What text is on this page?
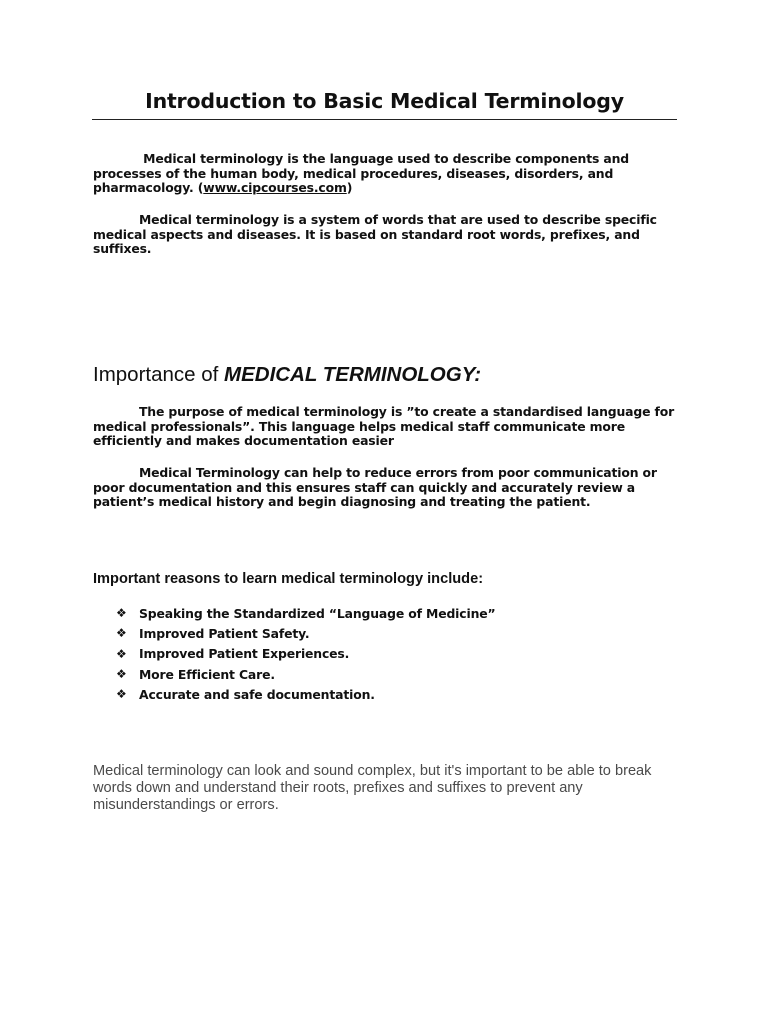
Introduction to Basic Medical Terminology

Medical terminology is the language used to describe components and processes of the human body, medical procedures, diseases, disorders, and pharmacology. (www.cipcourses.com)

Medical terminology is a system of words that are used to describe specific medical aspects and diseases. It is based on standard root words, prefixes, and suffixes.

Importance of MEDICAL TERMINOLOGY:

The purpose of medical terminology is ”to create a standardised language for medical professionals”. This language helps medical staff communicate more efficiently and makes documentation easier

Medical Terminology can help to reduce errors from poor communication or poor documentation and this ensures staff can quickly and accurately review a patient’s medical history and begin diagnosing and treating the patient.

Important reasons to learn medical terminology include:
❖ Speaking the Standardized “Language of Medicine”
❖ Improved Patient Safety.
❖ Improved Patient Experiences.
❖ More Efficient Care.
❖ Accurate and safe documentation.

Medical terminology can look and sound complex, but it's important to be able to break words down and understand their roots, prefixes and suffixes to prevent any misunderstandings or errors.
